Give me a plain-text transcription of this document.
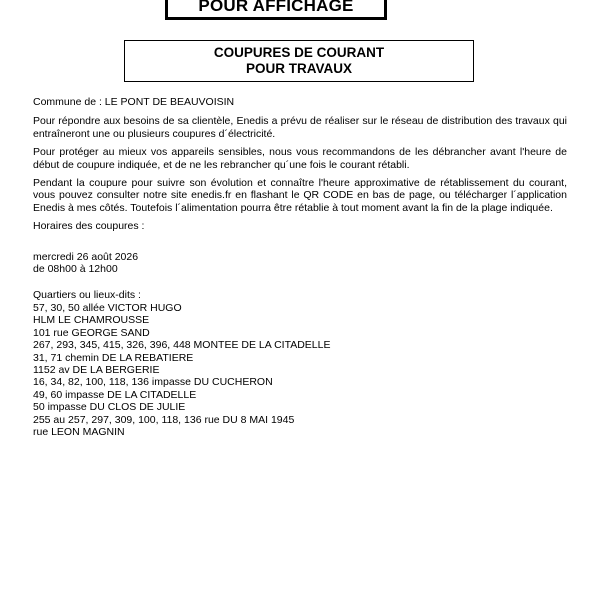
POUR AFFICHAGE
COUPURES DE COURANT
POUR TRAVAUX

Commune de : LE PONT DE BEAUVOISIN

Pour répondre aux besoins de sa clientèle, Enedis a prévu de réaliser sur le réseau de distribution des travaux qui entraîneront une ou plusieurs coupures d´électricité.

Pour protéger au mieux vos appareils sensibles, nous vous recommandons de les débrancher avant l'heure de début de coupure indiquée, et de ne les rebrancher qu´une fois le courant rétabli.

Pendant la coupure pour suivre son évolution et connaître l'heure approximative de rétablissement du courant, vous pouvez consulter notre site enedis.fr en flashant le QR CODE en bas de page, ou télécharger l´application Enedis à mes côtés. Toutefois l´alimentation pourra être rétablie à tout moment avant la fin de la plage indiquée.

Horaires des coupures :

mercredi 26 août 2026

de 08h00 à 12h00

Quartiers ou lieux-dits :

57, 30, 50 allée VICTOR HUGO
HLM LE CHAMROUSSE
101 rue GEORGE SAND
267, 293, 345, 415, 326, 396, 448 MONTEE DE LA CITADELLE
31, 71 chemin DE LA REBATIERE
1152 av DE LA BERGERIE
16, 34, 82, 100, 118, 136 impasse DU CUCHERON
49, 60 impasse DE LA CITADELLE
50 impasse DU CLOS DE JULIE
255 au 257, 297, 309, 100, 118, 136 rue DU 8 MAI 1945
rue LEON MAGNIN
